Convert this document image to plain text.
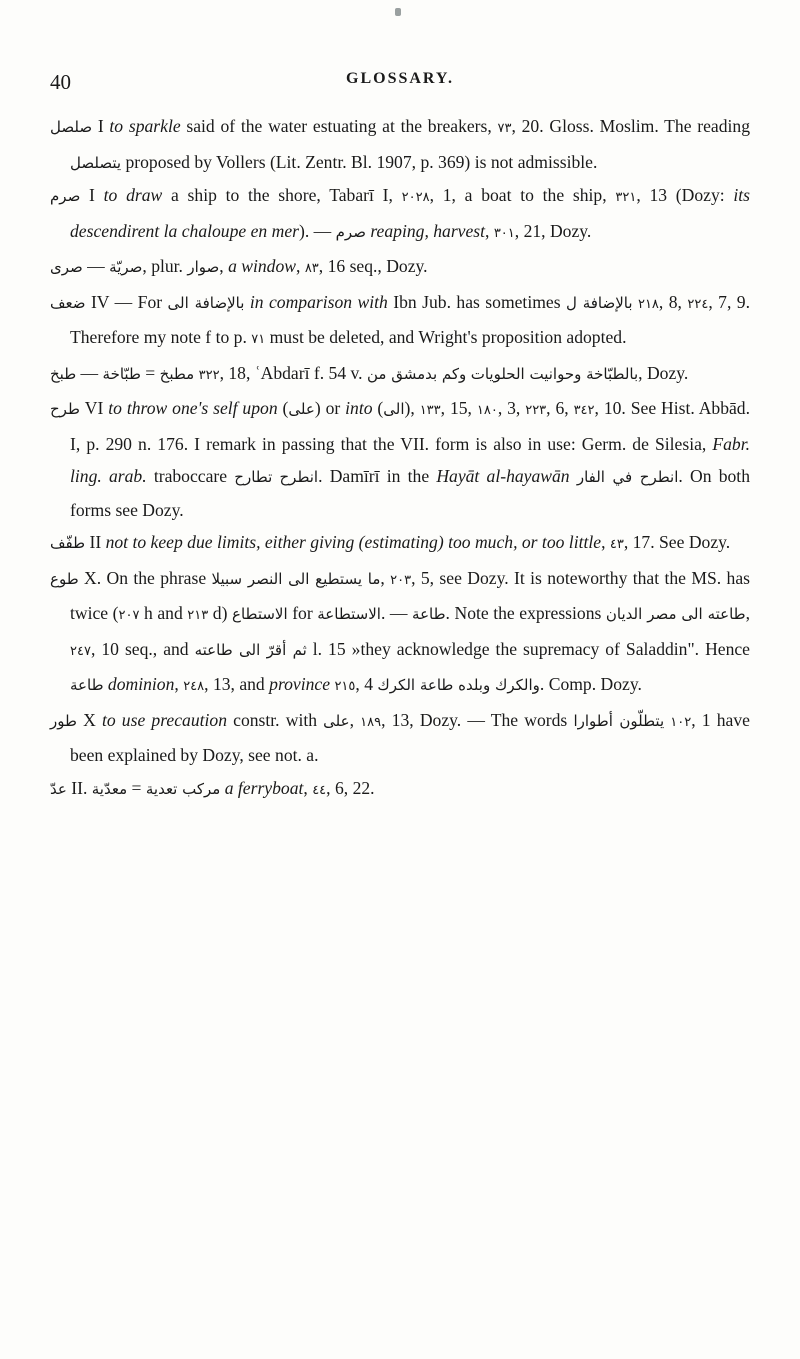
40	GLOSSARY.

صلصل I to sparkle said of the water estuating at the breakers, ٧٣, 20. Gloss. Moslim. The reading يتصلصل proposed by Vollers (Lit. Zentr. Bl. 1907, p. 369) is not admissible.

صرم I to draw a ship to the shore, Tabarī I, ٢٠٢٨, 1, a boat to the ship, ٣٢١, 13 (Dozy: its descendirent la chaloupe en mer). — صرم reaping, harvest, ٣٠١, 21, Dozy.

صرى — صريّة, plur. صوار, a window, ٨٣, 16 seq., Dozy.

ضعف IV — For بالإضافة الى in comparison with Ibn Jub. has sometimes بالإضافة ل ٢١٨, 8, ٢٢٤, 7, 9. Therefore my note f to p. ٧١ must be deleted, and Wright's proposition adopted.

طبخ — طبّاخة = مطبخ ٣٢٢, 18, ʿAbdarī f. 54 v. وكم بدمشق من بالطبّاخة وحوانيت الحلويات, Dozy.

طرح VI to throw one's self upon (على) or into (الى), ١٣٣, 15, ١٨٠, 3, ٢٢٣, 6, ٣٤٢, 10. See Hist. Abbād. I, p. 290 n. 176. I remark in passing that the VII. form is also in use: Germ. de Silesia, Fabr. ling. arab. traboccare تطارح انطرح. Damīrī in the Hayāt al-hayawān انطرح في الفار. On both forms see Dozy.

طفّف II not to keep due limits, either giving (estimating) too much, or too little, ٤٣, 17. See Dozy.

طوع X. On the phrase ما يستطيع الى النصر سبيلا, ٢٠٣, 5, see Dozy. It is noteworthy that the MS. has twice (٢٠٧ h and ٢١٣ d) الاستطاع for الاستطاعة. — طاعة. Note the expressions طاعته الى مصر الديان, ٢٤٧, 10 seq., and ثم أقرّ الى طاعته l. 15 »they acknowledge the supremacy of Saladdin". Hence طاعة dominion, ٢٤٨, 13, and province ٢١٥, 4 والكرك وبلده طاعة الكرك. Comp. Dozy.

طور X to use precaution constr. with على, ١٨٩, 13, Dozy. — The words يتطلّون أطوارا ١٠٢, 1 have been explained by Dozy, see not. a.

عدّ II. معدّية = مركب تعدية a ferryboat, ٤٤, 6, 22.
